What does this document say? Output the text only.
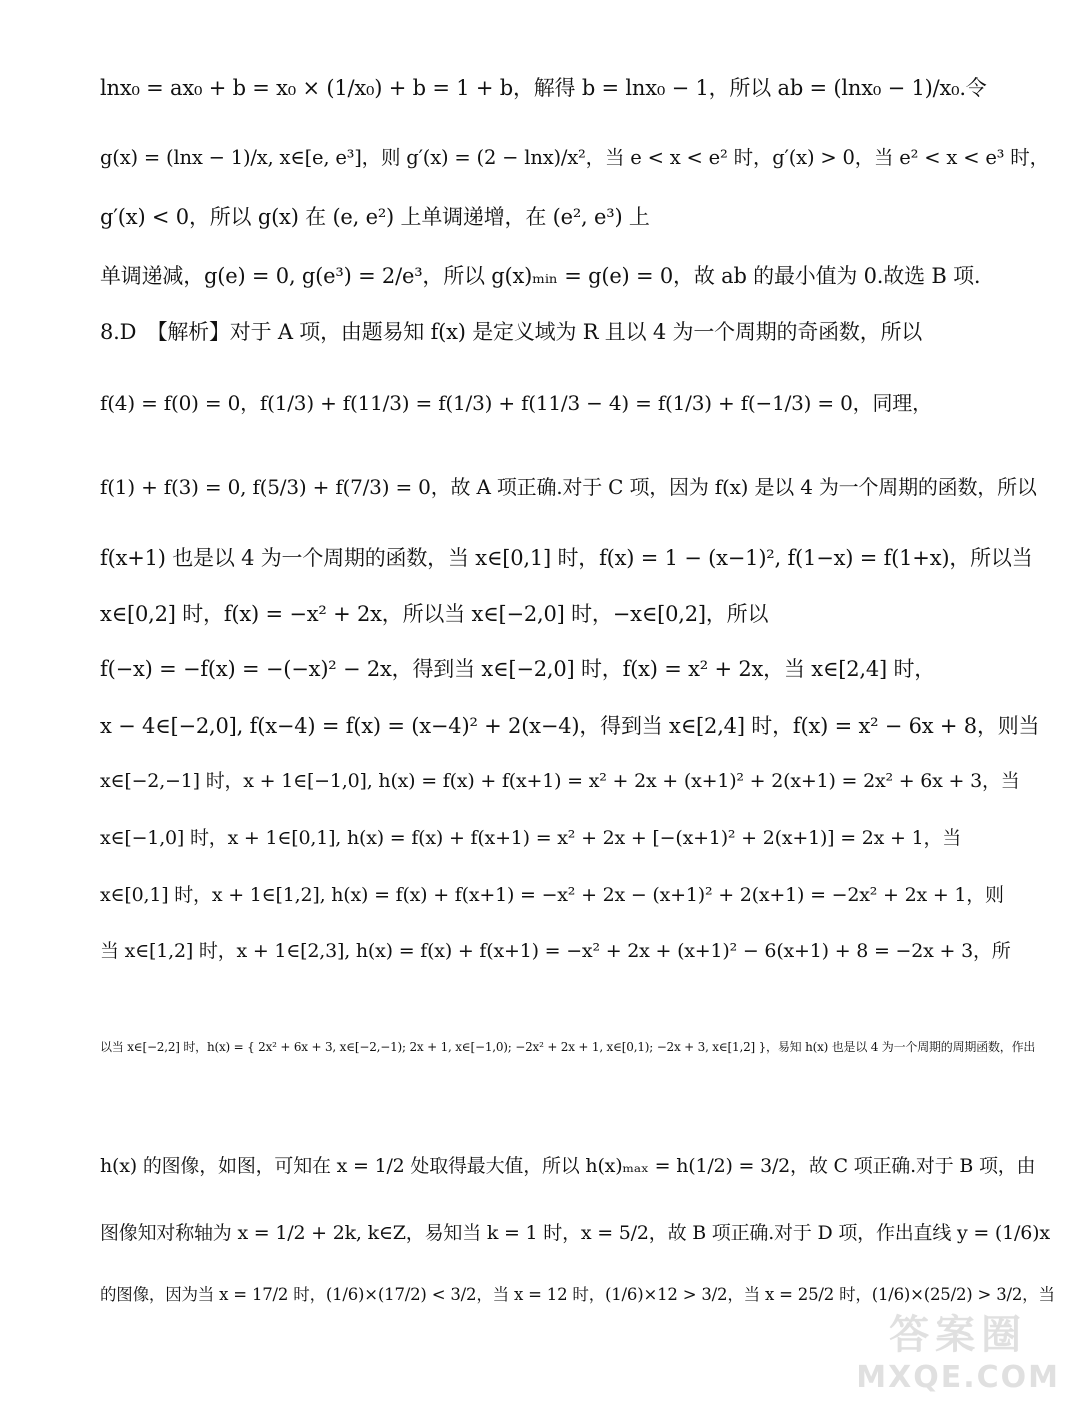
lnx₀ = ax₀ + b = x₀ × (1/x₀) + b = 1 + b，解得 b = lnx₀ − 1，所以 ab = (lnx₀ − 1)/x₀.令
g(x) = (lnx − 1)/x, x∈[e, e³]，则 g′(x) = (2 − lnx)/x²，当 e < x < e² 时，g′(x) > 0，当 e² < x < e³ 时，
g′(x) < 0，所以 g(x) 在 (e, e²) 上单调递增，在 (e², e³) 上
单调递减，g(e) = 0, g(e³) = 2/e³，所以 g(x)ₘᵢₙ = g(e) = 0，故 ab 的最小值为 0.故选 B 项.
8.D　【解析】对于 A 项，由题易知 f(x) 是定义域为 R 且以 4 为一个周期的奇函数，所以
f(4) = f(0) = 0，f(1/3) + f(11/3) = f(1/3) + f(11/3 − 4) = f(1/3) + f(−1/3) = 0，同理，
f(1) + f(3) = 0, f(5/3) + f(7/3) = 0，故 A 项正确.对于 C 项，因为 f(x) 是以 4 为一个周期的函数，所以
f(x+1) 也是以 4 为一个周期的函数，当 x∈[0,1] 时，f(x) = 1 − (x−1)², f(1−x) = f(1+x)，所以当
x∈[0,2] 时，f(x) = −x² + 2x，所以当 x∈[−2,0] 时，−x∈[0,2]，所以
f(−x) = −f(x) = −(−x)² − 2x，得到当 x∈[−2,0] 时，f(x) = x² + 2x，当 x∈[2,4] 时，
x − 4∈[−2,0], f(x−4) = f(x) = (x−4)² + 2(x−4)，得到当 x∈[2,4] 时，f(x) = x² − 6x + 8，则当
x∈[−2,−1] 时，x + 1∈[−1,0], h(x) = f(x) + f(x+1) = x² + 2x + (x+1)² + 2(x+1) = 2x² + 6x + 3，当
x∈[−1,0] 时，x + 1∈[0,1], h(x) = f(x) + f(x+1) = x² + 2x + [−(x+1)² + 2(x+1)] = 2x + 1，当
x∈[0,1] 时，x + 1∈[1,2], h(x) = f(x) + f(x+1) = −x² + 2x − (x+1)² + 2(x+1) = −2x² + 2x + 1，则
当 x∈[1,2] 时，x + 1∈[2,3], h(x) = f(x) + f(x+1) = −x² + 2x + (x+1)² − 6(x+1) + 8 = −2x + 3，所
以当 x∈[−2,2] 时，h(x) = { 2x² + 6x + 3, x∈[−2,−1); 2x + 1, x∈[−1,0); −2x² + 2x + 1, x∈[0,1); −2x + 3, x∈[1,2] }，易知 h(x) 也是以 4 为一个周期的周期函数，作出
h(x) 的图像，如图，可知在 x = 1/2 处取得最大值，所以 h(x)ₘₐₓ = h(1/2) = 3/2，故 C 项正确.对于 B 项，由
图像知对称轴为 x = 1/2 + 2k, k∈Z，易知当 k = 1 时，x = 5/2，故 B 项正确.对于 D 项，作出直线 y = (1/6)x
的图像，因为当 x = 17/2 时，(1/6)×(17/2) < 3/2，当 x = 12 时，(1/6)×12 > 3/2，当 x = 25/2 时，(1/6)×(25/2) > 3/2，当
答案圈
MXQE.COM
